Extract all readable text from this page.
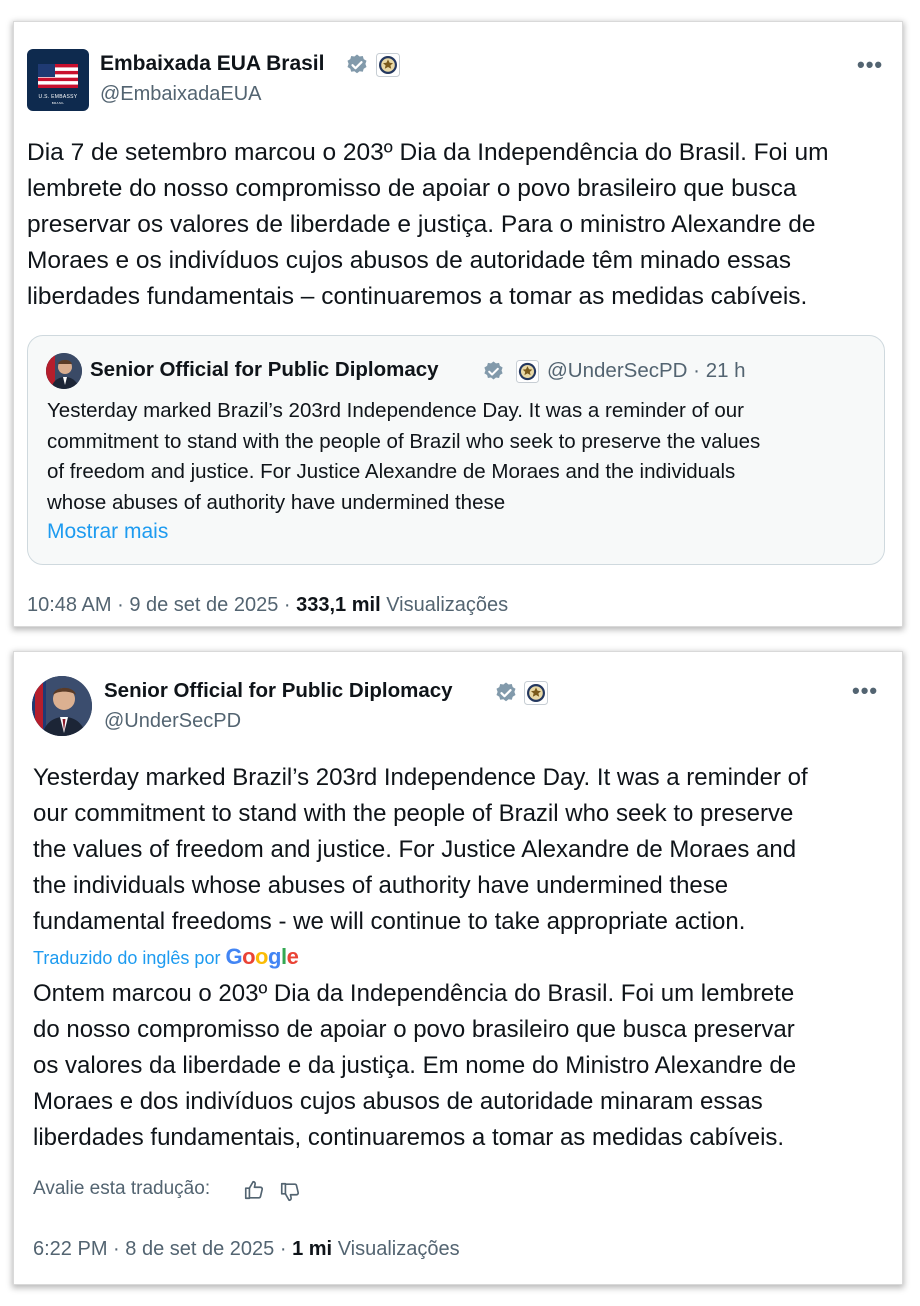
U.S. EMBASSY
BRASIL
Embaixada EUA Brasil
@EmbaixadaEUA
•••
Dia 7 de setembro marcou o 203º Dia da Independência do Brasil. Foi um
lembrete do nosso compromisso de apoiar o povo brasileiro que busca
preservar os valores de liberdade e justiça. Para o ministro Alexandre de
Moraes e os indivíduos cujos abusos de autoridade têm minado essas
liberdades fundamentais – continuaremos a tomar as medidas cabíveis.
Senior Official for Public Diplomacy	@UnderSecPD · 21 h
Yesterday marked Brazil’s 203rd Independence Day. It was a reminder of our
commitment to stand with the people of Brazil who seek to preserve the values
of freedom and justice. For Justice Alexandre de Moraes and the individuals
whose abuses of authority have undermined these
Mostrar mais
10:48 AM · 9 de set de 2025 · 333,1 mil Visualizações
Senior Official for Public Diplomacy
@UnderSecPD
•••
Yesterday marked Brazil’s 203rd Independence Day. It was a reminder of
our commitment to stand with the people of Brazil who seek to preserve
the values of freedom and justice. For Justice Alexandre de Moraes and
the individuals whose abuses of authority have undermined these
fundamental freedoms - we will continue to take appropriate action.
Traduzido do inglês por Google
Ontem marcou o 203º Dia da Independência do Brasil. Foi um lembrete
do nosso compromisso de apoiar o povo brasileiro que busca preservar
os valores da liberdade e da justiça. Em nome do Ministro Alexandre de
Moraes e dos indivíduos cujos abusos de autoridade minaram essas
liberdades fundamentais, continuaremos a tomar as medidas cabíveis.
Avalie esta tradução:
6:22 PM · 8 de set de 2025 · 1 mi Visualizações
